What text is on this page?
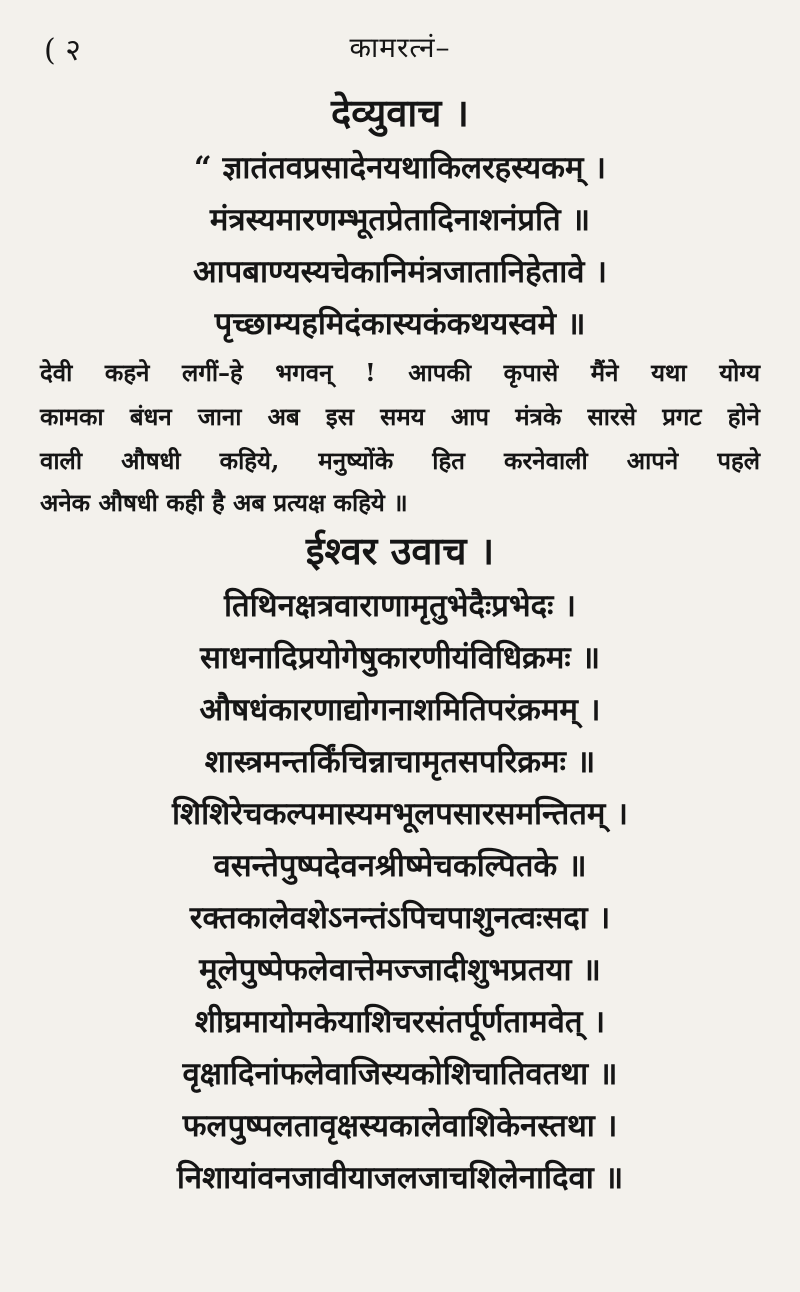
( २	कामरत्नं–
देव्युवाच ।
“ ज्ञातंतवप्रसादेनयथाकिलरहस्यकम् ।
मंत्रस्यमारणम्भूतप्रेतादिनाशनंप्रति ॥
आपबाण्यस्यचेकानिमंत्रजातानिहेतावे ।
पृच्छाम्यहमिदंकास्यकंकथयस्वमे ॥
देवी कहने लगीं–हे भगवन् ! आपकी कृपासे मैंने यथा योग्य
कामका बंधन जाना अब इस समय आप मंत्रके सारसे प्रगट होने
वाली औषधी कहिये, मनुष्योंके हित करनेवाली आपने पहले
अनेक औषधी कही है अब प्रत्यक्ष कहिये ॥
ईश्वर उवाच ।
तिथिनक्षत्रवाराणामृतुभेदैःप्रभेदः ।
साधनादिप्रयोगेषुकारणीयंविधिक्रमः ॥
औषधंकारणाद्योगनाशमितिपरंक्रमम् ।
शास्त्रमन्तर्किंचिन्नाचामृतसपरिक्रमः ॥
शिशिरेचकल्पमास्यमभूलपसारसमन्तितम् ।
वसन्तेपुष्पदेवनश्रीष्मेचकल्पितके ॥
रक्तकालेवशेऽनन्तंऽपिचपाशुनत्वःसदा ।
मूलेपुष्पेफलेवात्तेमज्जादीशुभप्रतया ॥
शीघ्रमायोमकेयाशिचरसंतर्पूर्णतामवेत् ।
वृक्षादिनांफलेवाजिस्यकोशिचातिवतथा ॥
फलपुष्पलतावृक्षस्यकालेवाशिकेनस्तथा ।
निशायांवनजावीयाजलजाचशिलेनादिवा ॥
